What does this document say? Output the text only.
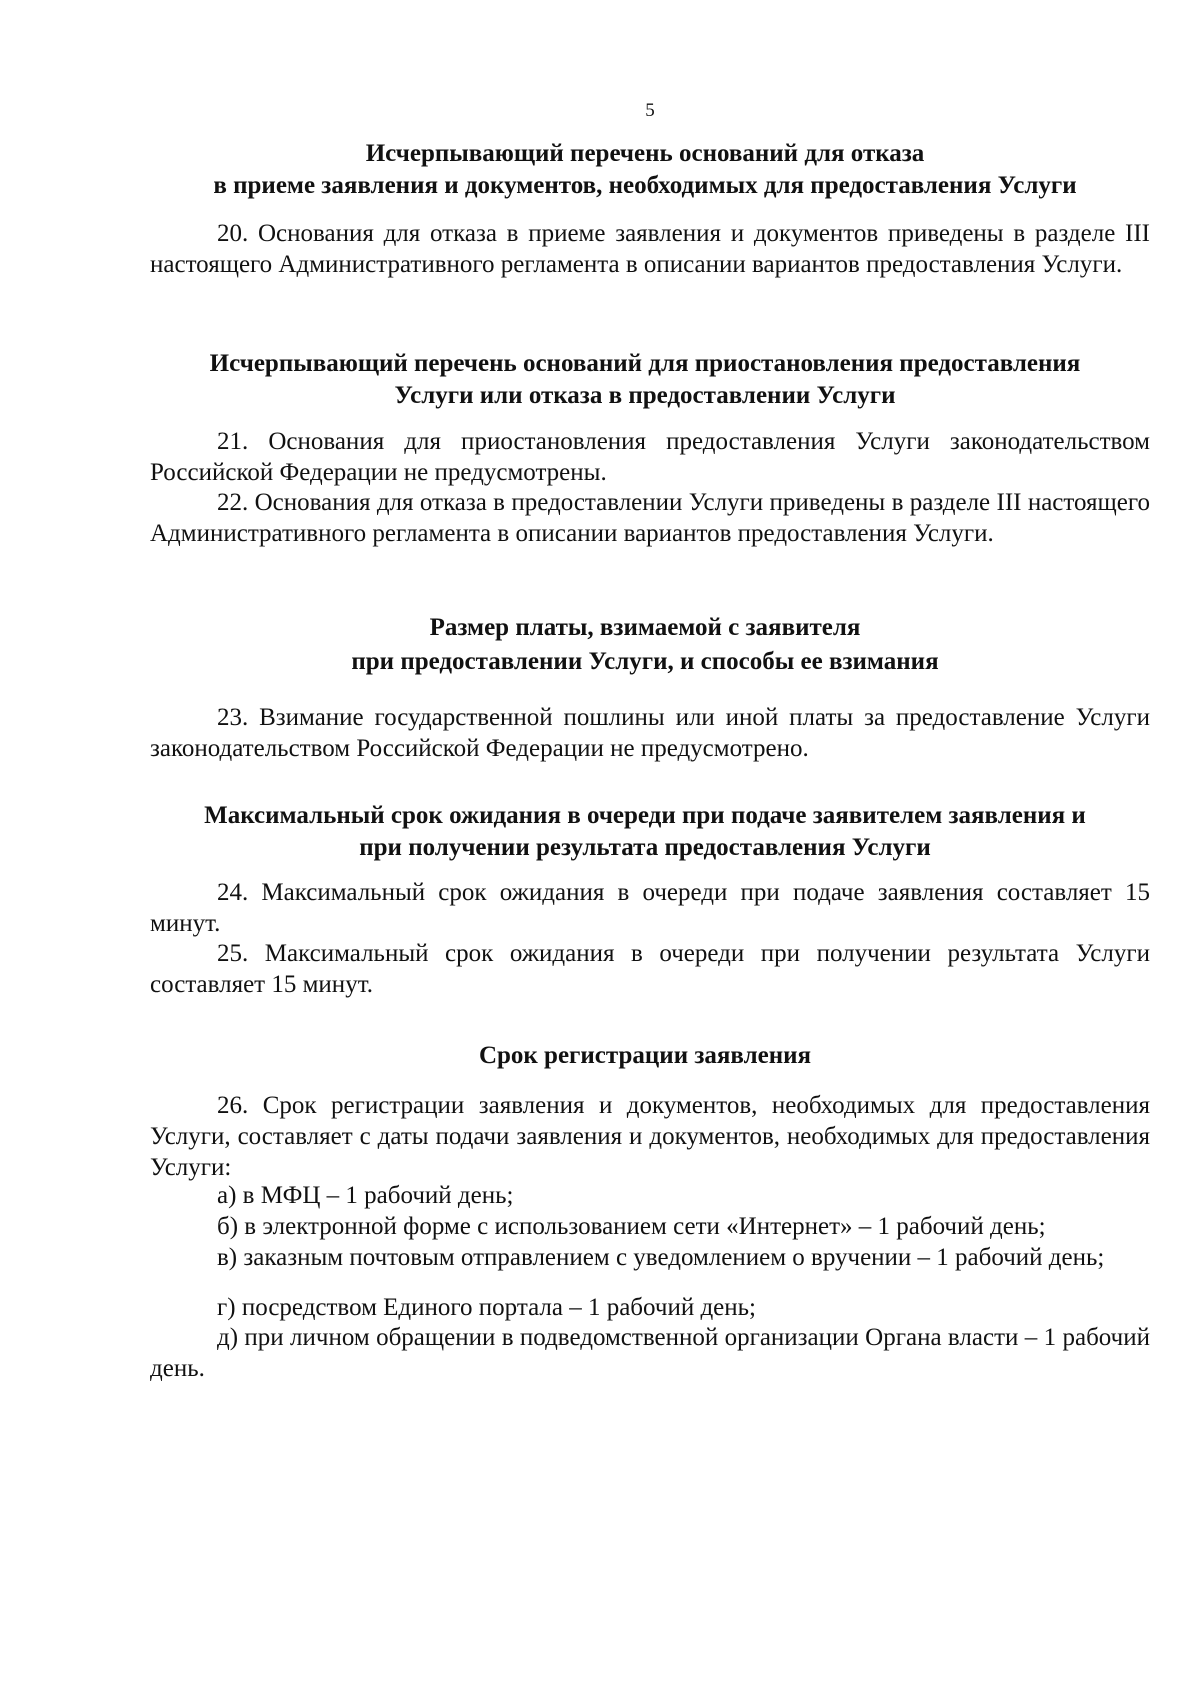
5
Исчерпывающий перечень оснований для отказа
в приеме заявления и документов, необходимых для предоставления Услуги
20. Основания для отказа в приеме заявления и документов приведены в разделе III настоящего Административного регламента в описании вариантов предоставления Услуги.
Исчерпывающий перечень оснований для приостановления предоставления
Услуги или отказа в предоставлении Услуги
21. Основания для приостановления предоставления Услуги законодательством Российской Федерации не предусмотрены.
22. Основания для отказа в предоставлении Услуги приведены в разделе III настоящего Административного регламента в описании вариантов предоставления Услуги.
Размер платы, взимаемой с заявителя
при предоставлении Услуги, и способы ее взимания
23. Взимание государственной пошлины или иной платы за предоставление Услуги законодательством Российской Федерации не предусмотрено.
Максимальный срок ожидания в очереди при подаче заявителем заявления и
при получении результата предоставления Услуги
24. Максимальный срок ожидания в очереди при подаче заявления составляет 15 минут.
25. Максимальный срок ожидания в очереди при получении результата Услуги составляет 15 минут.
Срок регистрации заявления
26. Срок регистрации заявления и документов, необходимых для предоставления Услуги, составляет с даты подачи заявления и документов, необходимых для предоставления Услуги:
а) в МФЦ – 1 рабочий день;
б) в электронной форме с использованием сети «Интернет» – 1 рабочий день;
в) заказным почтовым отправлением с уведомлением о вручении – 1 рабочий день;
г) посредством Единого портала – 1 рабочий день;
д) при личном обращении в подведомственной организации Органа власти – 1 рабочий день.
